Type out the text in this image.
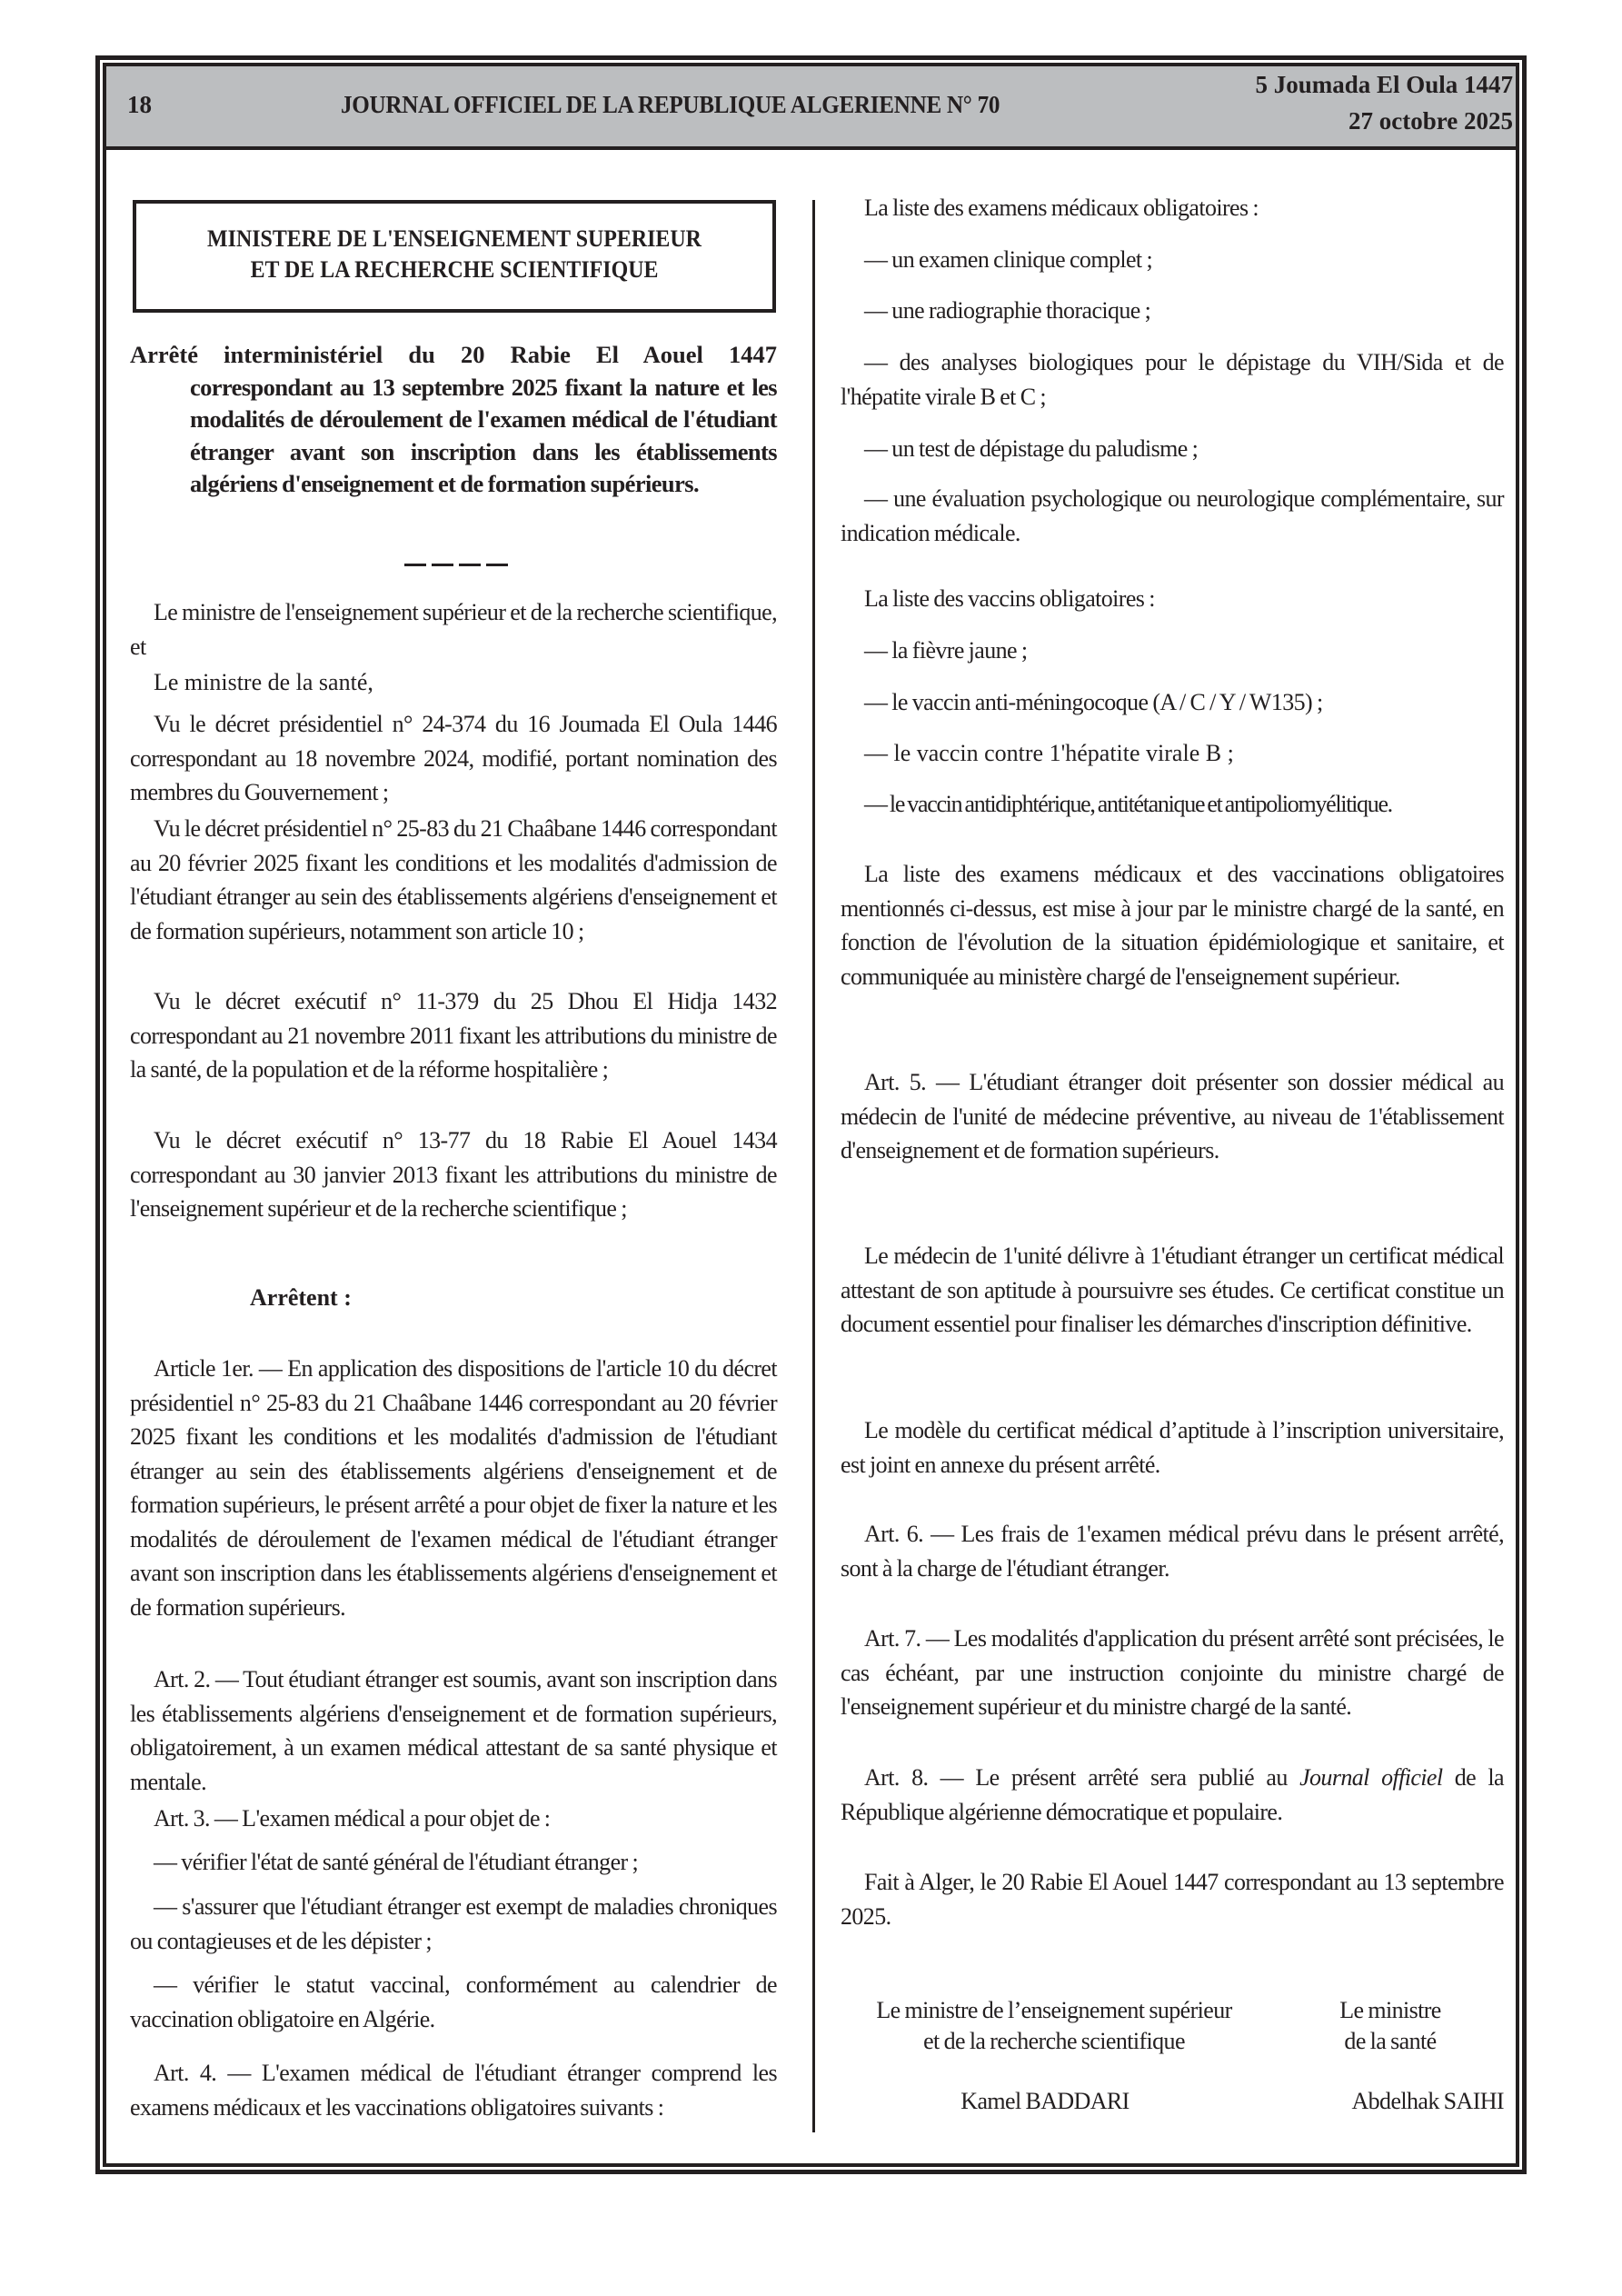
18	JOURNAL OFFICIEL DE LA REPUBLIQUE ALGERIENNE N° 70
5 Joumada El Oula 1447
27 octobre 2025
MINISTERE DE L'ENSEIGNEMENT SUPERIEUR
ET DE LA RECHERCHE SCIENTIFIQUE
Arrêté interministériel du 20 Rabie El Aouel 1447
correspondant au 13 septembre 2025 fixant la nature et les modalités de déroulement de l'examen médical de l'étudiant étranger avant son inscription dans les établissements algériens d'enseignement et de formation supérieurs.
Le ministre de l'enseignement supérieur et de la recherche scientifique, et
Le ministre de la santé,
Vu le décret présidentiel n° 24-374 du 16 Joumada El Oula 1446 correspondant au 18 novembre 2024, modifié, portant nomination des membres du Gouvernement ;
Vu le décret présidentiel n° 25-83 du 21 Chaâbane 1446 correspondant au 20 février 2025 fixant les conditions et les modalités d'admission de l'étudiant étranger au sein des établissements algériens d'enseignement et de formation supérieurs, notamment son article 10 ;
Vu le décret exécutif n° 11-379 du 25 Dhou El Hidja 1432 correspondant au 21 novembre 2011 fixant les attributions du ministre de la santé, de la population et de la réforme hospitalière ;
Vu le décret exécutif n° 13-77 du 18 Rabie El Aouel 1434 correspondant au 30 janvier 2013 fixant les attributions du ministre de l'enseignement supérieur et de la recherche scientifique ;
Arrêtent :
Article 1er. — En application des dispositions de l'article 10 du décret présidentiel n° 25-83 du 21 Chaâbane 1446 correspondant au 20 février 2025 fixant les conditions et les modalités d'admission de l'étudiant étranger au sein des établissements algériens d'enseignement et de formation supérieurs, le présent arrêté a pour objet de fixer la nature et les modalités de déroulement de l'examen médical de l'étudiant étranger avant son inscription dans les établissements algériens d'enseignement et de formation supérieurs.
Art. 2. — Tout étudiant étranger est soumis, avant son inscription dans les établissements algériens d'enseignement et de formation supérieurs, obligatoirement, à un examen médical attestant de sa santé physique et mentale.
Art. 3. — L'examen médical a pour objet de :
— vérifier l'état de santé général de l'étudiant étranger ;
— s'assurer que l'étudiant étranger est exempt de maladies chroniques ou contagieuses et de les dépister ;
— vérifier le statut vaccinal, conformément au calendrier de vaccination obligatoire en Algérie.
Art. 4. — L'examen médical de l'étudiant étranger comprend les examens médicaux et les vaccinations obligatoires suivants :
La liste des examens médicaux obligatoires :
— un examen clinique complet ;
— une radiographie thoracique ;
— des analyses biologiques pour le dépistage du VIH/Sida et de l'hépatite virale B et C ;
— un test de dépistage du paludisme ;
— une évaluation psychologique ou neurologique complémentaire, sur indication médicale.
La liste des vaccins obligatoires :
— la fièvre jaune ;
— le vaccin anti-méningocoque (A / C / Y / W135) ;
— le vaccin contre 1'hépatite virale B ;
— le vaccin antidiphtérique, antitétanique et antipoliomyélitique.
La liste des examens médicaux et des vaccinations obligatoires mentionnés ci-dessus, est mise à jour par le ministre chargé de la santé, en fonction de l'évolution de la situation épidémiologique et sanitaire, et communiquée au ministère chargé de l'enseignement supérieur.
Art. 5. — L'étudiant étranger doit présenter son dossier médical au médecin de l'unité de médecine préventive, au niveau de 1'établissement d'enseignement et de formation supérieurs.
Le médecin de 1'unité délivre à 1'étudiant étranger un certificat médical attestant de son aptitude à poursuivre ses études. Ce certificat constitue un document essentiel pour finaliser les démarches d'inscription définitive.
Le modèle du certificat médical d’aptitude à l’inscription universitaire, est joint en annexe du présent arrêté.
Art. 6. — Les frais de 1'examen médical prévu dans le présent arrêté, sont à la charge de l'étudiant étranger.
Art. 7. — Les modalités d'application du présent arrêté sont précisées, le cas échéant, par une instruction conjointe du ministre chargé de l'enseignement supérieur et du ministre chargé de la santé.
Art. 8. — Le présent arrêté sera publié au Journal officiel de la République algérienne démocratique et populaire.
Fait à Alger, le 20 Rabie El Aouel 1447 correspondant au 13 septembre 2025.
Le ministre de l’enseignement supérieur
et de la recherche scientifique
Le ministre
de la santé
Kamel BADDARI	Abdelhak SAIHI
